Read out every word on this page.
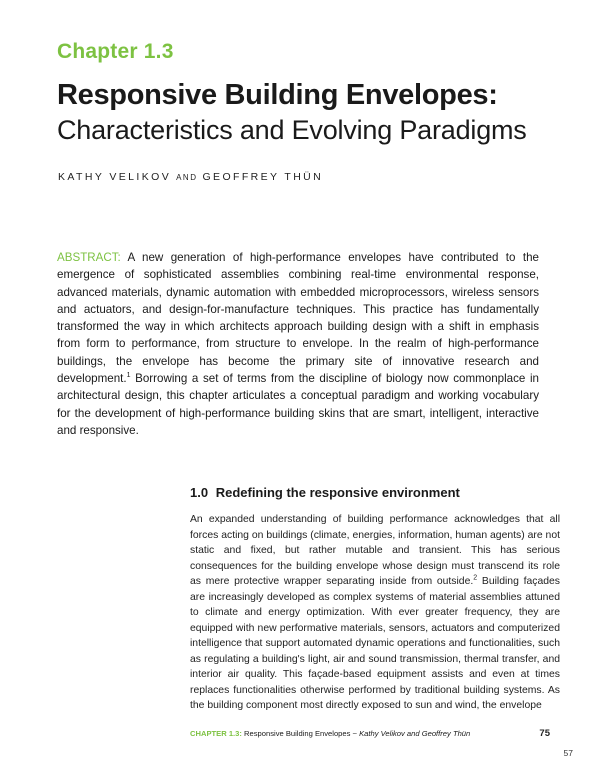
Chapter 1.3
Responsive Building Envelopes:
Characteristics and Evolving Paradigms
KATHY VELIKOV AND GEOFFREY THÜN
ABSTRACT: A new generation of high-performance envelopes have contributed to the emergence of sophisticated assemblies combining real-time environmental response, advanced materials, dynamic automation with embedded microprocessors, wireless sensors and actuators, and design-for-manufacture techniques. This practice has fundamentally transformed the way in which architects approach building design with a shift in emphasis from form to performance, from structure to envelope. In the realm of high-performance buildings, the envelope has become the primary site of innovative research and development.$^1$ Borrowing a set of terms from the discipline of biology now commonplace in architectural design, this chapter articulates a conceptual paradigm and working vocabulary for the development of high-performance building skins that are smart, intelligent, interactive and responsive.
1.0 Redefining the responsive environment
An expanded understanding of building performance acknowledges that all forces acting on buildings (climate, energies, information, human agents) are not static and fixed, but rather mutable and transient. This has serious consequences for the building envelope whose design must transcend its role as mere protective wrapper separating inside from outside.$^2$ Building façades are increasingly developed as complex systems of material assemblies attuned to climate and energy optimization. With ever greater frequency, they are equipped with new performative materials, sensors, actuators and computerized intelligence that support automated dynamic operations and functionalities, such as regulating a building's light, air and sound transmission, thermal transfer, and interior air quality. This façade-based equipment assists and even at times replaces functionalities otherwise performed by traditional building systems. As the building component most directly exposed to sun and wind, the envelope
CHAPTER 1.3: Responsive Building Envelopes ~ Kathy Velikov and Geoffrey Thün	75
57
